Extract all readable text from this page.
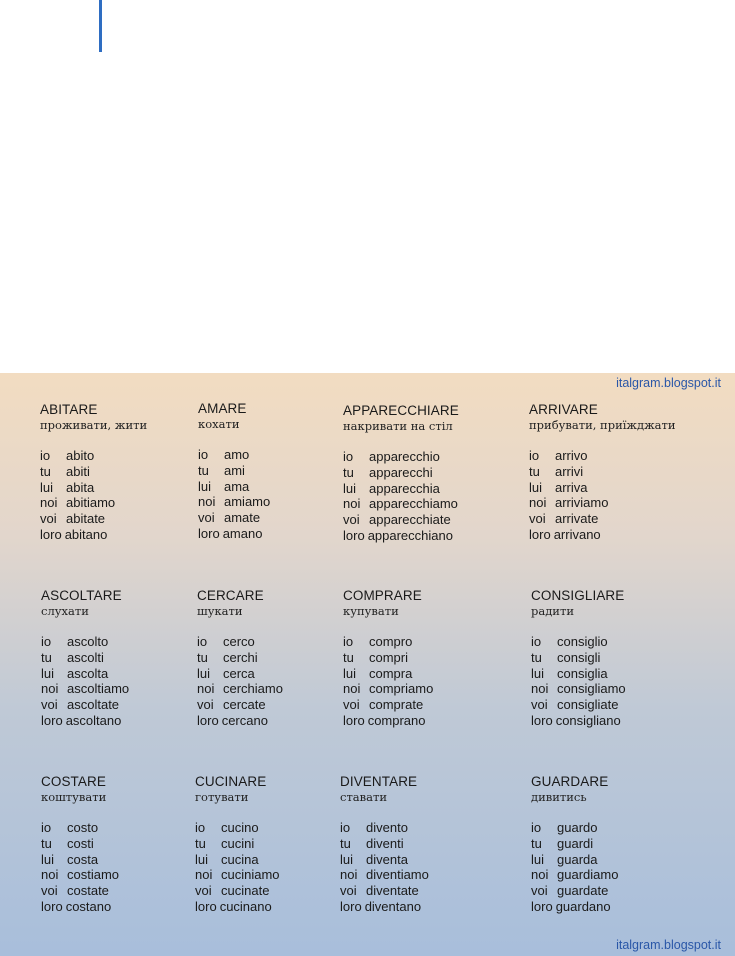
italgram.blogspot.it
ABITARE
проживати, жити
io abito
tu abiti
lui abita
noi abitiamo
voi abitate
loro abitano
AMARE
кохати
io amo
tu ami
lui ama
noi amiamo
voi amate
loro amano
APPARECCHIARE
накривати на стіл
io apparecchio
tu apparecchi
lui apparecchia
noi apparecchiamo
voi apparecchiate
loro apparecchiano
ARRIVARE
прибувати, приїжджати
io arrivo
tu arrivi
lui arriva
noi arriviamo
voi arrivate
loro arrivano
ASCOLTARE
слухати
io ascolto
tu ascolti
lui ascolta
noi ascoltiamo
voi ascoltate
loro ascoltano
CERCARE
шукати
io cerco
tu cerchi
lui cerca
noi cerchiamo
voi cercate
loro cercano
COMPRARE
купувати
io compro
tu compri
lui compra
noi compriamo
voi comprate
loro comprano
CONSIGLIARE
радити
io consiglio
tu consigli
lui consiglia
noi consigliamo
voi consigliate
loro consigliano
COSTARE
коштувати
io costo
tu costi
lui costa
noi costiamo
voi costate
loro costano
CUCINARE
готувати
io cucino
tu cucini
lui cucina
noi cuciniamo
voi cucinate
loro cucinano
DIVENTARE
ставати
io divento
tu diventi
lui diventa
noi diventiamo
voi diventate
loro diventano
GUARDARE
дивитись
io guardo
tu guardi
lui guarda
noi guardiamo
voi guardate
loro guardano
italgram.blogspot.it
